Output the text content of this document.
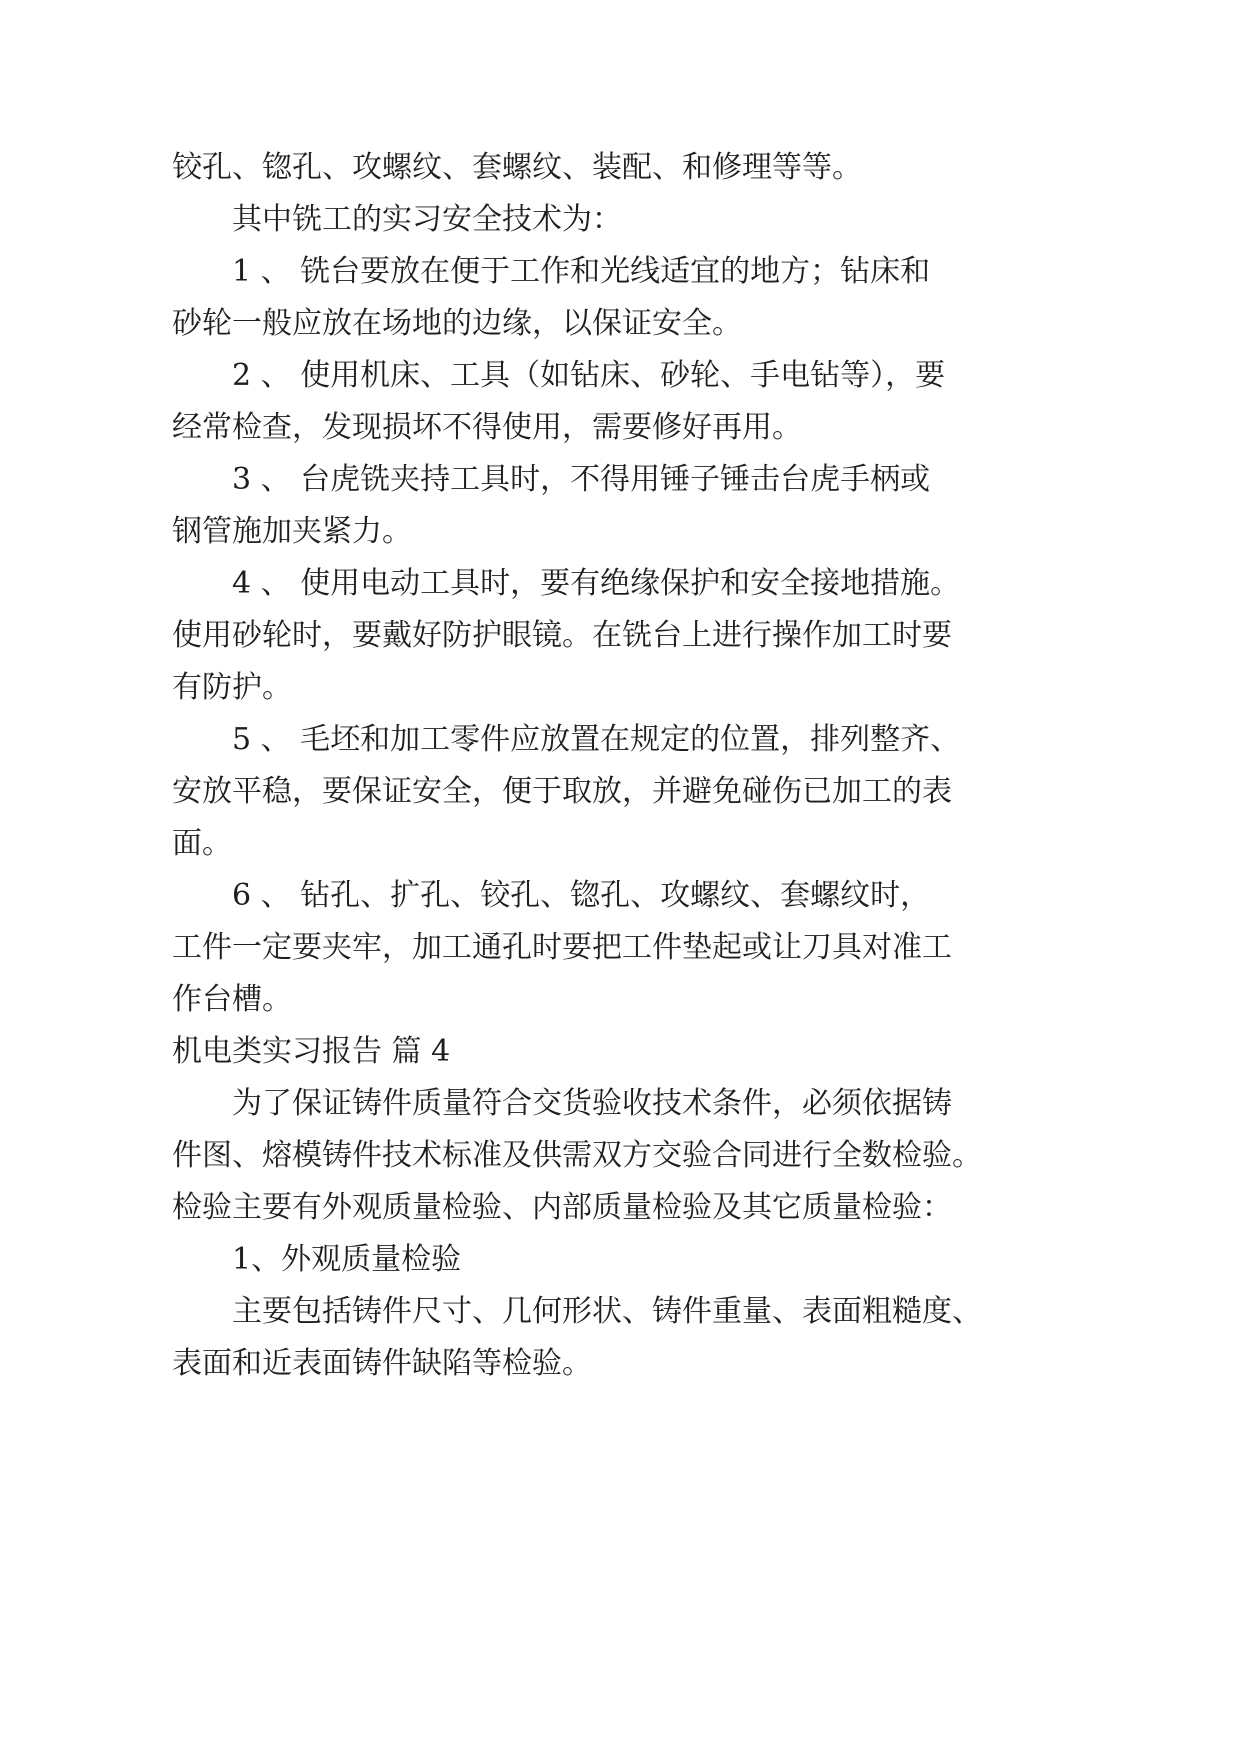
铰孔、锪孔、攻螺纹、套螺纹、装配、和修理等等。
其中铣工的实习安全技术为：
1 、 铣台要放在便于工作和光线适宜的地方；钻床和
砂轮一般应放在场地的边缘，以保证安全。
2 、 使用机床、工具（如钻床、砂轮、手电钻等），要
经常检查，发现损坏不得使用，需要修好再用。
3 、 台虎铣夹持工具时，不得用锤子锤击台虎手柄或
钢管施加夹紧力。
4 、 使用电动工具时，要有绝缘保护和安全接地措施。
使用砂轮时，要戴好防护眼镜。在铣台上进行操作加工时要
有防护。
5 、 毛坯和加工零件应放置在规定的位置，排列整齐、
安放平稳，要保证安全，便于取放，并避免碰伤已加工的表
面。
6 、 钻孔、扩孔、铰孔、锪孔、攻螺纹、套螺纹时，
工件一定要夹牢，加工通孔时要把工件垫起或让刀具对准工
作台槽。
机电类实习报告 篇 4
为了保证铸件质量符合交货验收技术条件，必须依据铸
件图、熔模铸件技术标准及供需双方交验合同进行全数检验。
检验主要有外观质量检验、内部质量检验及其它质量检验：
1、外观质量检验
主要包括铸件尺寸、几何形状、铸件重量、表面粗糙度、
表面和近表面铸件缺陷等检验。
